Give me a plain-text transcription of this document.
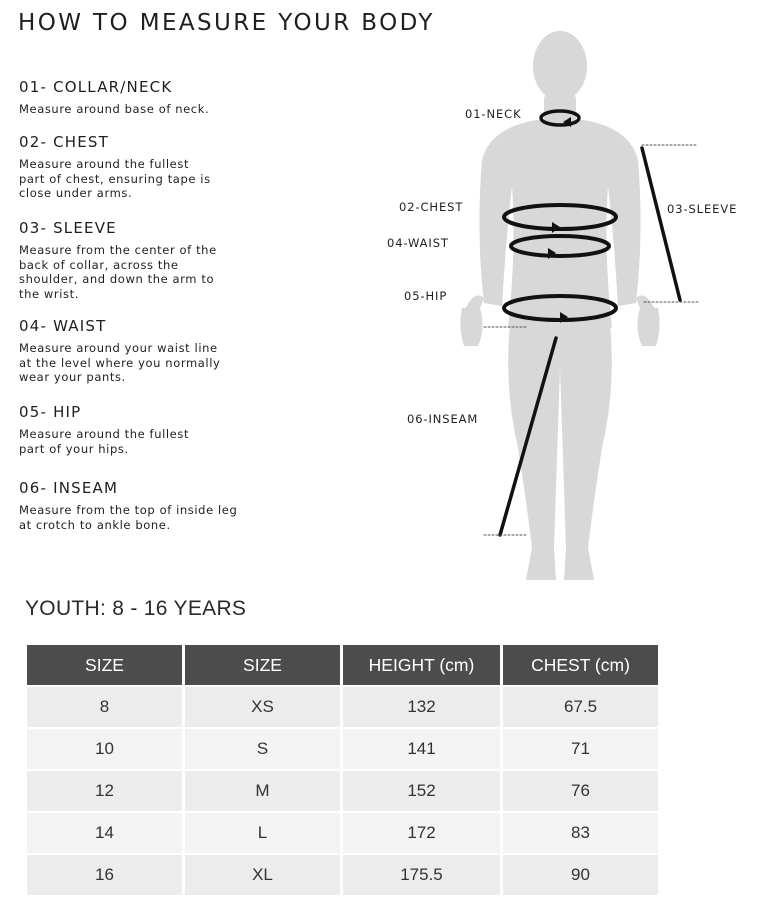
HOW TO MEASURE YOUR BODY
01- COLLAR/NECK
Measure around base of neck.
02- CHEST
Measure around the fullest part of chest, ensuring tape is close under arms.
03- SLEEVE
Measure from the center of the back of collar, across the shoulder, and down the arm to the wrist.
04- WAIST
Measure around your waist line at the level where you normally wear your pants.
05- HIP
Measure around the fullest part of your hips.
06- INSEAM
Measure from the top of inside leg at crotch to ankle bone.
01-NECK
02-CHEST	03-SLEEVE
04-WAIST
05-HIP
06-INSEAM
YOUTH: 8 - 16 YEARS
SIZE	SIZE	HEIGHT (cm)	CHEST (cm)
8	XS	132	67.5
10	S	141	71
12	M	152	76
14	L	172	83
16	XL	175.5	90
